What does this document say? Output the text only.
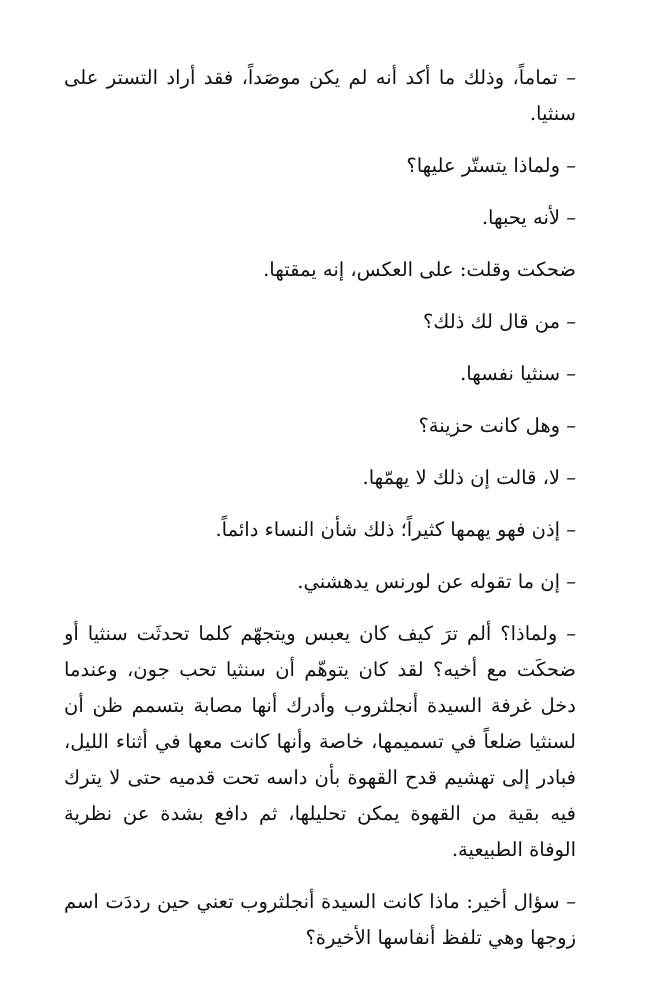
– تماماً، وذلك ما أكد أنه لم يكن موصَداً، فقد أراد التستر على سنثيا.

– ولماذا يتستّر عليها؟

– لأنه يحبها.

ضحكت وقلت: على العكس، إنه يمقتها.

– من قال لك ذلك؟

– سنثيا نفسها.

– وهل كانت حزينة؟

– لا، قالت إن ذلك لا يهمّها.

– إذن فهو يهمها كثيراً؛ ذلك شأن النساء دائماً.

– إن ما تقوله عن لورنس يدهشني.

– ولماذا؟ ألم ترَ كيف كان يعبس ويتجهّم كلما تحدثَت سنثيا أو ضحكَت مع أخيه؟ لقد كان يتوهّم أن سنثيا تحب جون، وعندما دخل غرفة السيدة أنجلثروب وأدرك أنها مصابة بتسمم ظن أن لسنثيا ضلعاً في تسميمها، خاصة وأنها كانت معها في أثناء الليل، فبادر إلى تهشيم قدح القهوة بأن داسه تحت قدميه حتى لا يترك فيه بقية من القهوة يمكن تحليلها، ثم دافع بشدة عن نظرية الوفاة الطبيعية.

– سؤال أخير: ماذا كانت السيدة أنجلثروب تعني حين رددَت اسم زوجها وهي تلفظ أنفاسها الأخيرة؟
